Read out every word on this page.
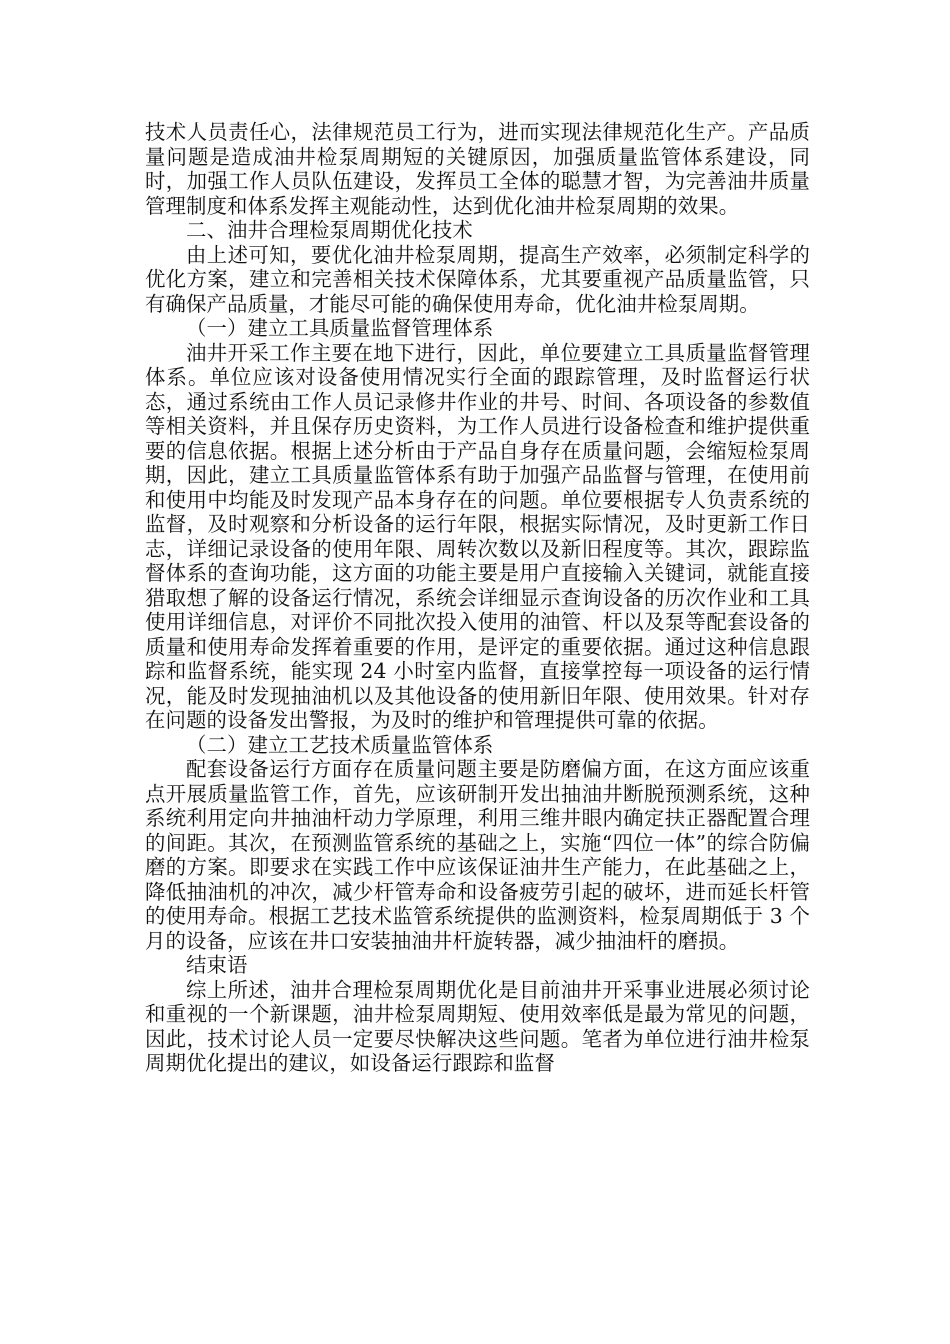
技术人员责任心，法律规范员工行为，进而实现法律规范化生产。产品质量问题是造成油井检泵周期短的关键原因，加强质量监管体系建设，同时，加强工作人员队伍建设，发挥员工全体的聪慧才智，为完善油井质量管理制度和体系发挥主观能动性，达到优化油井检泵周期的效果。

二、油井合理检泵周期优化技术

由上述可知，要优化油井检泵周期，提高生产效率，必须制定科学的优化方案，建立和完善相关技术保障体系，尤其要重视产品质量监管，只有确保产品质量，才能尽可能的确保使用寿命，优化油井检泵周期。

（一）建立工具质量监督管理体系

油井开采工作主要在地下进行，因此，单位要建立工具质量监督管理体系。单位应该对设备使用情况实行全面的跟踪管理，及时监督运行状态，通过系统由工作人员记录修井作业的井号、时间、各项设备的参数值等相关资料，并且保存历史资料，为工作人员进行设备检查和维护提供重要的信息依据。根据上述分析由于产品自身存在质量问题，会缩短检泵周期，因此，建立工具质量监管体系有助于加强产品监督与管理，在使用前和使用中均能及时发现产品本身存在的问题。单位要根据专人负责系统的监督，及时观察和分析设备的运行年限，根据实际情况，及时更新工作日志，详细记录设备的使用年限、周转次数以及新旧程度等。其次，跟踪监督体系的查询功能，这方面的功能主要是用户直接输入关键词，就能直接猎取想了解的设备运行情况，系统会详细显示查询设备的历次作业和工具使用详细信息，对评价不同批次投入使用的油管、杆以及泵等配套设备的质量和使用寿命发挥着重要的作用，是评定的重要依据。通过这种信息跟踪和监督系统，能实现 24 小时室内监督，直接掌控每一项设备的运行情况，能及时发现抽油机以及其他设备的使用新旧年限、使用效果。针对存在问题的设备发出警报，为及时的维护和管理提供可靠的依据。

（二）建立工艺技术质量监管体系

配套设备运行方面存在质量问题主要是防磨偏方面，在这方面应该重点开展质量监管工作，首先，应该研制开发出抽油井断脱预测系统，这种系统利用定向井抽油杆动力学原理，利用三维井眼内确定扶正器配置合理的间距。其次，在预测监管系统的基础之上，实施“四位一体”的综合防偏磨的方案。即要求在实践工作中应该保证油井生产能力，在此基础之上，降低抽油机的冲次，减少杆管寿命和设备疲劳引起的破坏，进而延长杆管的使用寿命。根据工艺技术监管系统提供的监测资料，检泵周期低于 3 个月的设备，应该在井口安装抽油井杆旋转器，减少抽油杆的磨损。

结束语

综上所述，油井合理检泵周期优化是目前油井开采事业进展必须讨论和重视的一个新课题，油井检泵周期短、使用效率低是最为常见的问题，因此，技术讨论人员一定要尽快解决这些问题。笔者为单位进行油井检泵周期优化提出的建议，如设备运行跟踪和监督
